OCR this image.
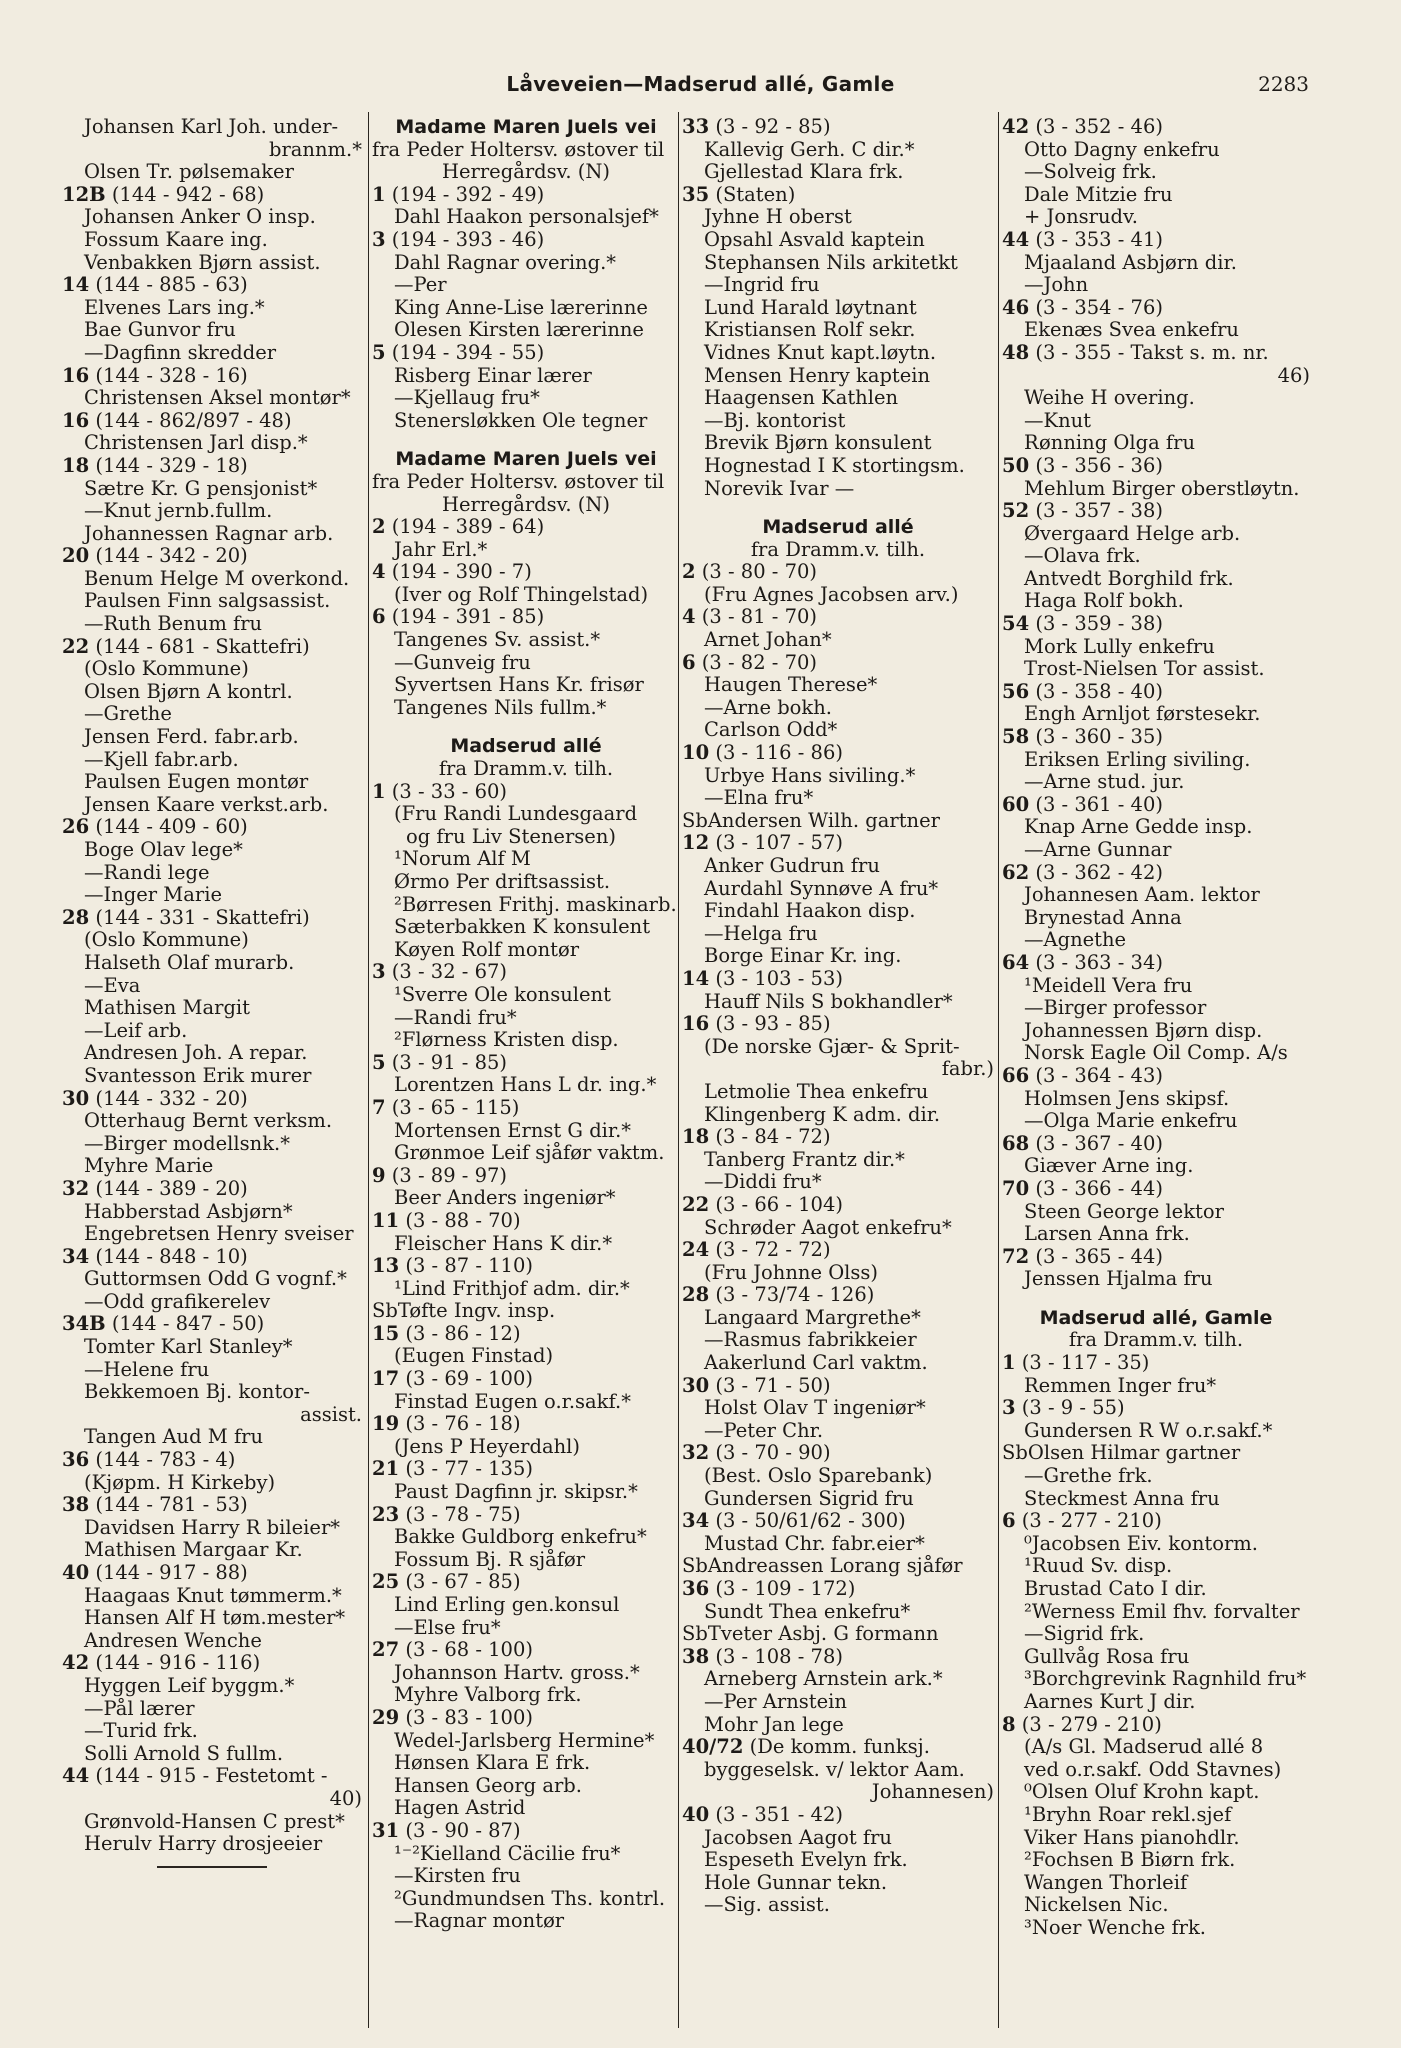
Låveveien—Madserud allé, Gamle	2283
Johansen Karl Joh. under-
brannm.*
Olsen Tr. pølsemaker
12B (144 - 942 - 68)
Johansen Anker O insp.
Fossum Kaare ing.
Venbakken Bjørn assist.
14 (144 - 885 - 63)
Elvenes Lars ing.*
Bae Gunvor fru
—Dagfinn skredder
16 (144 - 328 - 16)
Christensen Aksel montør*
16 (144 - 862/897 - 48)
Christensen Jarl disp.*
18 (144 - 329 - 18)
Sætre Kr. G pensjonist*
—Knut jernb.fullm.
Johannessen Ragnar arb.
20 (144 - 342 - 20)
Benum Helge M overkond.
Paulsen Finn salgsassist.
—Ruth Benum fru
22 (144 - 681 - Skattefri)
(Oslo Kommune)
Olsen Bjørn A kontrl.
—Grethe
Jensen Ferd. fabr.arb.
—Kjell fabr.arb.
Paulsen Eugen montør
Jensen Kaare verkst.arb.
26 (144 - 409 - 60)
Boge Olav lege*
—Randi lege
—Inger Marie
28 (144 - 331 - Skattefri)
(Oslo Kommune)
Halseth Olaf murarb.
—Eva
Mathisen Margit
—Leif arb.
Andresen Joh. A repar.
Svantesson Erik murer
30 (144 - 332 - 20)
Otterhaug Bernt verksm.
—Birger modellsnk.*
Myhre Marie
32 (144 - 389 - 20)
Habberstad Asbjørn*
Engebretsen Henry sveiser
34 (144 - 848 - 10)
Guttormsen Odd G vognf.*
—Odd grafikerelev
34B (144 - 847 - 50)
Tomter Karl Stanley*
—Helene fru
Bekkemoen Bj. kontor-
assist.
Tangen Aud M fru
36 (144 - 783 - 4)
(Kjøpm. H Kirkeby)
38 (144 - 781 - 53)
Davidsen Harry R bileier*
Mathisen Margaar Kr.
40 (144 - 917 - 88)
Haagaas Knut tømmerm.*
Hansen Alf H tøm.mester*
Andresen Wenche
42 (144 - 916 - 116)
Hyggen Leif byggm.*
—Pål lærer
—Turid frk.
Solli Arnold S fullm.
44 (144 - 915 - Festetomt -
40)
Grønvold-Hansen C prest*
Herulv Harry drosjeeier
Madame Maren Juels vei
fra Peder Holtersv. østover til
Herregårdsv. (N)
1 (194 - 392 - 49)
Dahl Haakon personalsjef*
3 (194 - 393 - 46)
Dahl Ragnar overing.*
—Per
King Anne-Lise lærerinne
Olesen Kirsten lærerinne
5 (194 - 394 - 55)
Risberg Einar lærer
—Kjellaug fru*
Stenersløkken Ole tegner
Madame Maren Juels vei
fra Peder Holtersv. østover til
Herregårdsv. (N)
2 (194 - 389 - 64)
Jahr Erl.*
4 (194 - 390 - 7)
(Iver og Rolf Thingelstad)
6 (194 - 391 - 85)
Tangenes Sv. assist.*
—Gunveig fru
Syvertsen Hans Kr. frisør
Tangenes Nils fullm.*
Madserud allé
fra Dramm.v. tilh.
1 (3 - 33 - 60)
(Fru Randi Lundesgaard
og fru Liv Stenersen)
¹Norum Alf M
Ørmo Per driftsassist.
²Børresen Frithj. maskinarb.
Sæterbakken K konsulent
Køyen Rolf montør
3 (3 - 32 - 67)
¹Sverre Ole konsulent
—Randi fru*
²Flørness Kristen disp.
5 (3 - 91 - 85)
Lorentzen Hans L dr. ing.*
7 (3 - 65 - 115)
Mortensen Ernst G dir.*
Grønmoe Leif sjåfør vaktm.
9 (3 - 89 - 97)
Beer Anders ingeniør*
11 (3 - 88 - 70)
Fleischer Hans K dir.*
13 (3 - 87 - 110)
¹Lind Frithjof adm. dir.*
SbTøfte Ingv. insp.
15 (3 - 86 - 12)
(Eugen Finstad)
17 (3 - 69 - 100)
Finstad Eugen o.r.sakf.*
19 (3 - 76 - 18)
(Jens P Heyerdahl)
21 (3 - 77 - 135)
Paust Dagfinn jr. skipsr.*
23 (3 - 78 - 75)
Bakke Guldborg enkefru*
Fossum Bj. R sjåfør
25 (3 - 67 - 85)
Lind Erling gen.konsul
—Else fru*
27 (3 - 68 - 100)
Johannson Hartv. gross.*
Myhre Valborg frk.
29 (3 - 83 - 100)
Wedel-Jarlsberg Hermine*
Hønsen Klara E frk.
Hansen Georg arb.
Hagen Astrid
31 (3 - 90 - 87)
¹⁻²Kielland Cäcilie fru*
—Kirsten fru
²Gundmundsen Ths. kontrl.
—Ragnar montør
33 (3 - 92 - 85)
Kallevig Gerh. C dir.*
Gjellestad Klara frk.
35 (Staten)
Jyhne H oberst
Opsahl Asvald kaptein
Stephansen Nils arkitetkt
—Ingrid fru
Lund Harald løytnant
Kristiansen Rolf sekr.
Vidnes Knut kapt.løytn.
Mensen Henry kaptein
Haagensen Kathlen
—Bj. kontorist
Brevik Bjørn konsulent
Hognestad I K stortingsm.
Norevik Ivar —
Madserud allé
fra Dramm.v. tilh.
2 (3 - 80 - 70)
(Fru Agnes Jacobsen arv.)
4 (3 - 81 - 70)
Arnet Johan*
6 (3 - 82 - 70)
Haugen Therese*
—Arne bokh.
Carlson Odd*
10 (3 - 116 - 86)
Urbye Hans siviling.*
—Elna fru*
SbAndersen Wilh. gartner
12 (3 - 107 - 57)
Anker Gudrun fru
Aurdahl Synnøve A fru*
Findahl Haakon disp.
—Helga fru
Borge Einar Kr. ing.
14 (3 - 103 - 53)
Hauff Nils S bokhandler*
16 (3 - 93 - 85)
(De norske Gjær- & Sprit-
fabr.)
Letmolie Thea enkefru
Klingenberg K adm. dir.
18 (3 - 84 - 72)
Tanberg Frantz dir.*
—Diddi fru*
22 (3 - 66 - 104)
Schrøder Aagot enkefru*
24 (3 - 72 - 72)
(Fru Johnne Olss)
28 (3 - 73/74 - 126)
Langaard Margrethe*
—Rasmus fabrikkeier
Aakerlund Carl vaktm.
30 (3 - 71 - 50)
Holst Olav T ingeniør*
—Peter Chr.
32 (3 - 70 - 90)
(Best. Oslo Sparebank)
Gundersen Sigrid fru
34 (3 - 50/61/62 - 300)
Mustad Chr. fabr.eier*
SbAndreassen Lorang sjåfør
36 (3 - 109 - 172)
Sundt Thea enkefru*
SbTveter Asbj. G formann
38 (3 - 108 - 78)
Arneberg Arnstein ark.*
—Per Arnstein
Mohr Jan lege
40/72 (De komm. funksj.
byggeselsk. v/ lektor Aam.
Johannesen)
40 (3 - 351 - 42)
Jacobsen Aagot fru
Espeseth Evelyn frk.
Hole Gunnar tekn.
—Sig. assist.
42 (3 - 352 - 46)
Otto Dagny enkefru
—Solveig frk.
Dale Mitzie fru
+ Jonsrudv.
44 (3 - 353 - 41)
Mjaaland Asbjørn dir.
—John
46 (3 - 354 - 76)
Ekenæs Svea enkefru
48 (3 - 355 - Takst s. m. nr.
46)
Weihe H overing.
—Knut
Rønning Olga fru
50 (3 - 356 - 36)
Mehlum Birger oberstløytn.
52 (3 - 357 - 38)
Øvergaard Helge arb.
—Olava frk.
Antvedt Borghild frk.
Haga Rolf bokh.
54 (3 - 359 - 38)
Mork Lully enkefru
Trost-Nielsen Tor assist.
56 (3 - 358 - 40)
Engh Arnljot førstesekr.
58 (3 - 360 - 35)
Eriksen Erling siviling.
—Arne stud. jur.
60 (3 - 361 - 40)
Knap Arne Gedde insp.
—Arne Gunnar
62 (3 - 362 - 42)
Johannesen Aam. lektor
Brynestad Anna
—Agnethe
64 (3 - 363 - 34)
¹Meidell Vera fru
—Birger professor
Johannessen Bjørn disp.
Norsk Eagle Oil Comp. A/s
66 (3 - 364 - 43)
Holmsen Jens skipsf.
—Olga Marie enkefru
68 (3 - 367 - 40)
Giæver Arne ing.
70 (3 - 366 - 44)
Steen George lektor
Larsen Anna frk.
72 (3 - 365 - 44)
Jenssen Hjalma fru
Madserud allé, Gamle
fra Dramm.v. tilh.
1 (3 - 117 - 35)
Remmen Inger fru*
3 (3 - 9 - 55)
Gundersen R W o.r.sakf.*
SbOlsen Hilmar gartner
—Grethe frk.
Steckmest Anna fru
6 (3 - 277 - 210)
⁰Jacobsen Eiv. kontorm.
¹Ruud Sv. disp.
Brustad Cato I dir.
²Werness Emil fhv. forvalter
—Sigrid frk.
Gullvåg Rosa fru
³Borchgrevink Ragnhild fru*
Aarnes Kurt J dir.
8 (3 - 279 - 210)
(A/s Gl. Madserud allé 8
ved o.r.sakf. Odd Stavnes)
⁰Olsen Oluf Krohn kapt.
¹Bryhn Roar rekl.sjef
Viker Hans pianohdlr.
²Fochsen B Biørn frk.
Wangen Thorleif
Nickelsen Nic.
³Noer Wenche frk.
